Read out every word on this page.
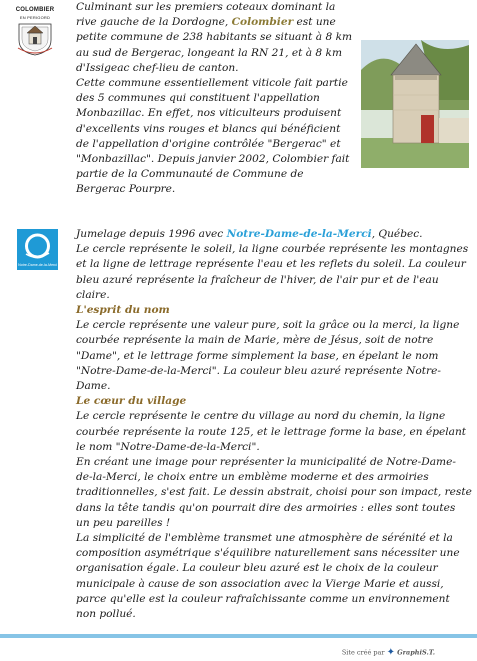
COLOMBIER
EN PERIGORD

Culminant sur les premiers coteaux dominant la rive gauche de la Dordogne, Colombier est une petite commune de 238 habitants se situant à 8 km au sud de Bergerac, longeant la RN 21, et à 8 km d'Issigeac chef-lieu de canton.

Cette commune essentiellement viticole fait partie des 5 communes qui constituent l'appellation Monbazillac. En effet, nos viticulteurs produisent d'excellents vins rouges et blancs qui bénéficient de l'appellation d'origine contrôlée "Bergerac" et "Monbazillac". Depuis janvier 2002, Colombier fait partie de la Communauté de Commune de Bergerac Pourpre.

Notre-Dame-de-la-Merci

Jumelage depuis 1996 avec Notre-Dame-de-la-Merci, Québec.

Le cercle représente le soleil, la ligne courbée représente les montagnes et la ligne de lettrage représente l'eau et les reflets du soleil. La couleur bleu azuré représente la fraîcheur de l'hiver, de l'air pur et de l'eau claire.

L'esprit du nom

Le cercle représente une valeur pure, soit la grâce ou la merci, la ligne courbée représente la main de Marie, mère de Jésus, soit de notre "Dame", et le lettrage forme simplement la base, en épelant le nom "Notre-Dame-de-la-Merci". La couleur bleu azuré représente Notre-Dame.

Le cœur du village

Le cercle représente le centre du village au nord du chemin, la ligne courbée représente la route 125, et le lettrage forme la base, en épelant le nom "Notre-Dame-de-la-Merci".

En créant une image pour représenter la municipalité de Notre-Dame-de-la-Merci, le choix entre un emblème moderne et des armoiries traditionnelles, s'est fait. Le dessin abstrait, choisi pour son impact, reste dans la tête tandis qu'on pourrait dire des armoiries : elles sont toutes un peu pareilles !

La simplicité de l'emblème transmet une atmosphère de sérénité et la composition asymétrique s'équilibre naturellement sans nécessiter une organisation égale. La couleur bleu azuré est le choix de la couleur municipale à cause de son association avec la Vierge Marie et aussi, parce qu'elle est la couleur rafraîchissante comme un environnement non pollué.

Site créé par ✦ GraphiS.T.
